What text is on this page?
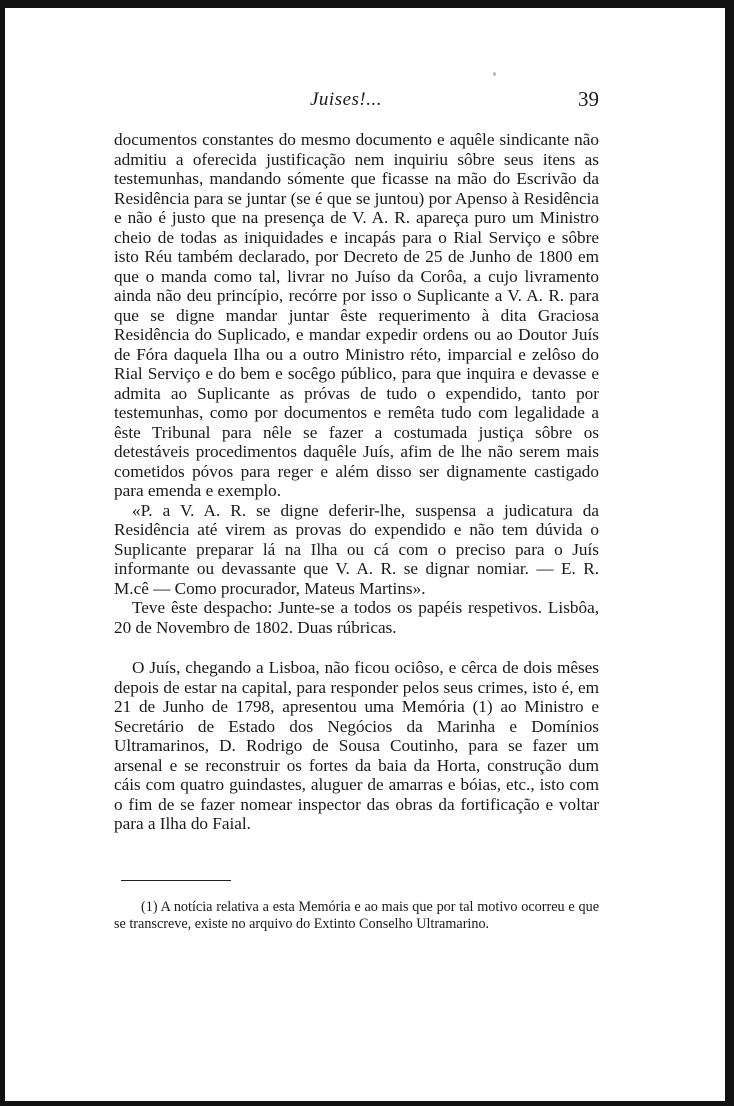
Juises!...	39

documentos constantes do mesmo documento e aquêle sindicante não admitiu a oferecida justificação nem inquiriu sôbre seus itens as testemunhas, mandando sómente que ficasse na mão do Escrivão da Residência para se juntar (se é que se juntou) por Apenso à Residência e não é justo que na presença de V. A. R. apareça puro um Ministro cheio de todas as iniquidades e incapás para o Rial Serviço e sôbre isto Réu também declarado, por Decreto de 25 de Junho de 1800 em que o manda como tal, livrar no Juíso da Corôa, a cujo livramento ainda não deu princípio, recórre por isso o Suplicante a V. A. R. para que se digne mandar juntar êste requerimento à dita Graciosa Residência do Suplicado, e mandar expedir ordens ou ao Doutor Juís de Fóra daquela Ilha ou a outro Ministro réto, imparcial e zelôso do Rial Serviço e do bem e socêgo público, para que inquira e devasse e admita ao Suplicante as próvas de tudo o expendido, tanto por testemunhas, como por documentos e remêta tudo com legalidade a êste Tribunal para nêle se fazer a costumada justiça sôbre os detestáveis procedimentos daquêle Juís, afim de lhe não serem mais cometidos póvos para reger e além disso ser dignamente castigado para emenda e exemplo.

«P. a V. A. R. se digne deferir-lhe, suspensa a judicatura da Residência até virem as provas do expendido e não tem dúvida o Suplicante preparar lá na Ilha ou cá com o preciso para o Juís informante ou devassante que V. A. R. se dignar nomiar. — E. R. M.cê — Como procurador, Mateus Martins».

Teve êste despacho: Junte-se a todos os papéis respetivos. Lisbôa, 20 de Novembro de 1802. Duas rúbricas.

O Juís, chegando a Lisboa, não ficou ociôso, e cêrca de dois mêses depois de estar na capital, para responder pelos seus crimes, isto é, em 21 de Junho de 1798, apresentou uma Memória (1) ao Ministro e Secretário de Estado dos Negócios da Marinha e Domínios Ultramarinos, D. Rodrigo de Sousa Coutinho, para se fazer um arsenal e se reconstruir os fortes da baia da Horta, construção dum cáis com quatro guindastes, aluguer de amarras e bóias, etc., isto com o fim de se fazer nomear inspector das obras da fortificação e voltar para a Ilha do Faial.

(1) A notícia relativa a esta Memória e ao mais que por tal motivo ocorreu e que se transcreve, existe no arquivo do Extinto Conselho Ultramarino.
